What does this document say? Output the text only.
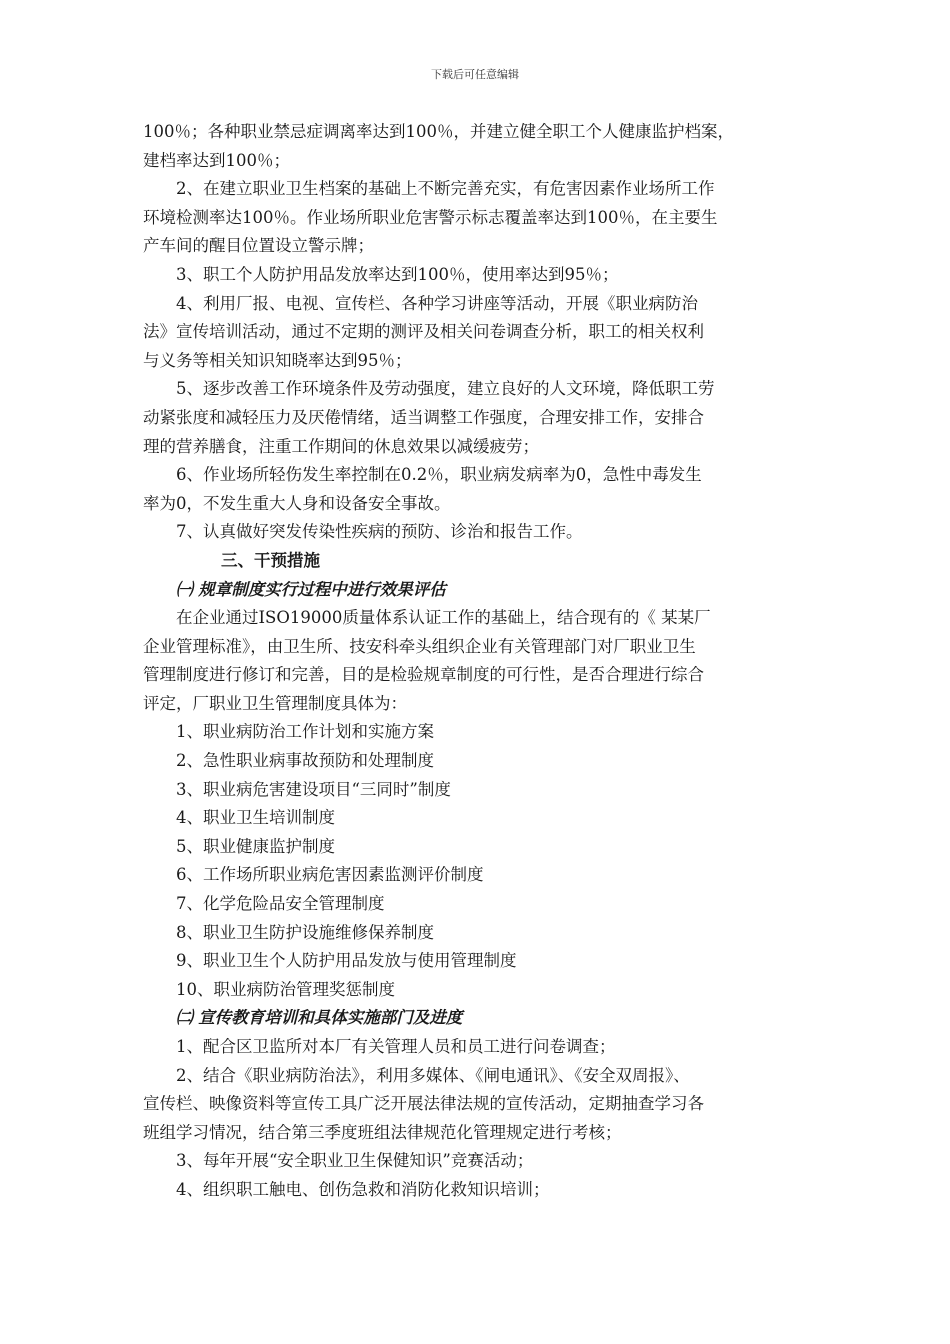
下载后可任意编辑
100％；各种职业禁忌症调离率达到100％，并建立健全职工个人健康监护档案，
建档率达到100％；
2、在建立职业卫生档案的基础上不断完善充实，有危害因素作业场所工作
环境检测率达100％。作业场所职业危害警示标志覆盖率达到100％，在主要生
产车间的醒目位置设立警示牌；
3、职工个人防护用品发放率达到100％，使用率达到95％；
4、利用厂报、电视、宣传栏、各种学习讲座等活动，开展《职业病防治
法》宣传培训活动，通过不定期的测评及相关问卷调查分析，职工的相关权利
与义务等相关知识知晓率达到95％；
5、逐步改善工作环境条件及劳动强度，建立良好的人文环境，降低职工劳
动紧张度和减轻压力及厌倦情绪，适当调整工作强度，合理安排工作，安排合
理的营养膳食，注重工作期间的休息效果以减缓疲劳；
6、作业场所轻伤发生率控制在0.2％，职业病发病率为0，急性中毒发生
率为0，不发生重大人身和设备安全事故。
7、认真做好突发传染性疾病的预防、诊治和报告工作。
三、干预措施
㈠ 规章制度实行过程中进行效果评估
在企业通过ISO19000质量体系认证工作的基础上，结合现有的《 某某厂
企业管理标准》，由卫生所、技安科牵头组织企业有关管理部门对厂职业卫生
管理制度进行修订和完善，目的是检验规章制度的可行性，是否合理进行综合
评定，厂职业卫生管理制度具体为：
1、职业病防治工作计划和实施方案
2、急性职业病事故预防和处理制度
3、职业病危害建设项目“三同时”制度
4、职业卫生培训制度
5、职业健康监护制度
6、工作场所职业病危害因素监测评价制度
7、化学危险品安全管理制度
8、职业卫生防护设施维修保养制度
9、职业卫生个人防护用品发放与使用管理制度
10、职业病防治管理奖惩制度
㈡ 宣传教育培训和具体实施部门及进度
1、配合区卫监所对本厂有关管理人员和员工进行问卷调查；
2、结合《职业病防治法》，利用多媒体、《闸电通讯》、《安全双周报》、
宣传栏、映像资料等宣传工具广泛开展法律法规的宣传活动，定期抽查学习各
班组学习情况，结合第三季度班组法律规范化管理规定进行考核；
3、每年开展“安全职业卫生保健知识”竞赛活动；
4、组织职工触电、创伤急救和消防化救知识培训；
